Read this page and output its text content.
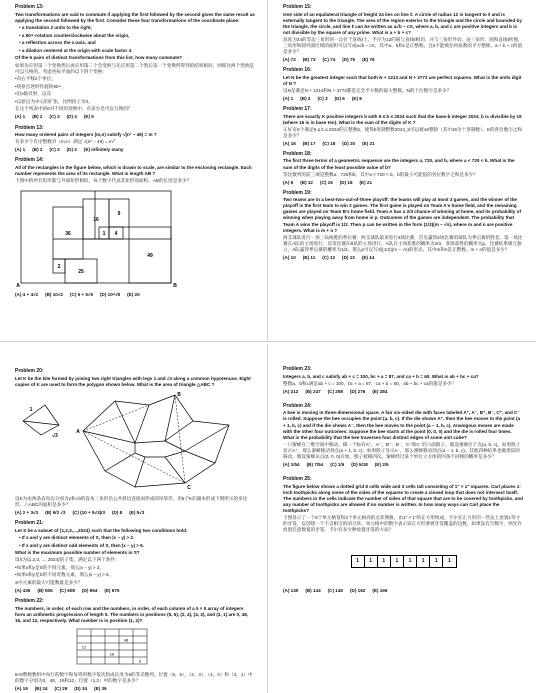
Problem 13:
Two transformations are said to commute if applying the first followed by the second gives the same result as applying the second followed by the first. Consider these four transformations of the coordinate plane:
• a translation 2 units to the right,
• a 90∘-rotation counterclockwise about the origin,
• a reflection across the x-axis, and
• a dilation centered at the origin with scale factor 3.
Of the 6 pairs of distinct transformations from this list, how many commute?
如果先应用第一个变换然后再应用第二个会变换与先应用第二个然后第一个变换所得到的结果相同，则称这两个变换是可以互换的。考虑坐标平面的以下四个变换：
•向右平移2个单位，
•绕原点逆时针旋转90∘，
•沿x轴反射，以及
•以原点为中心的扩张，比例因子为3。
在这个列表中的6对不同的变换中，有多少是可以互换的？
(A) 1 (B) 2 (C) 3 (D) 4 (E) 5
Problem 13:
How many ordered pairs of integers (m,n) satisfy √(n² − 49) = m ?
有多少个有序整数对（m,n）满足 √(n² − 49) = m？
(A) 1 (B) 2 (C) 3 (D) 4 (E) infinitely many
Problem 14:
All of the rectangles in the figure below, which is drawn to scale, are similar to the enclosing rectangle. Each number represents the area of its rectangle. What is length AB ?
下图中的所有矩形都与外部矩形相似，每个数字代表其矩形的面积。AB的长度是多少？
16
9
36	1 4
2
25
49
A	B
(A) 4 + 4√2 (B) 10√2 (C) 5 + 5√5 (D) 10⁴√8 (E) 20
Problem 15:
One side of an equilateral triangle of height 24 lies on line ℓ. A circle of radius 12 is tangent to ℓ and is externally tangent to the triangle. The area of the region exterior to the triangle and the circle and bounded by the triangle, the circle, and line ℓ can be written as a√b − cπ, where a, b, and c are positive integers and b is not divisible by the square of any prime. What is a + b + c?
高度为24的等边三角形的一边位于直线ℓ上。半径为12的圆与直线ℓ相切，并与三角形外切。由三角形、圆和直线ℓ所围，三角形和圆外部区域的面积可以写成a√b − cπ，其中a、b和c是正整数，且b不能被任何质数的平方整除。a + b + c的值是多少？
(A) 72 (B) 73 (C) 74 (D) 75 (E) 76
Problem 16:
Let N be the greatest integer such that both N + 1213 and N + 3773 are perfect squares. What is the units digit of N ?
设N是满足N + 1213和N + 3773都是完全平方数的最大整数。N的个位数字是多少？
(A) 1 (B) 2 (C) 3 (D) 6 (E) 8
Problem 17:
There are exactly K positive integers b with 5 ≤ b ≤ 2024 such that the base-b integer 2024_b is divisible by 16 (where 16 is in base ten). What is the sum of the digits of K ?
正好有K个满足5 ≤ b ≤ 2024的正整数b，使得b进制整数2024_b可以被16整除（其中16为十进制数）。K的各位数字之和是多少？
(A) 16 (B) 17 (C) 18 (D) 20 (E) 21
Problem 18:
The first three terms of a geometric sequence are the integers a, 720, and b, where a < 720 < b. What is the sum of the digits of the least possible value of b?
等比数列的前三项是整数a、720和b，其中a < 720 < b。b的最小可能值的各位数字之和是多少？
(A) 9 (B) 12 (C) 16 (D) 18 (E) 21
Problem 19:
Two teams are in a best-two-out-of-three playoff: the teams will play at most 3 games, and the winner of the playoff is the first team to win 2 games. The first game is played on Team A's home field, and the remaining games are played on Team B's home field. Team A has a 2/3 chance of winning at home, and its probability of winning when playing away from home is p. Outcomes of the games are independent. The probability that Team A wins the playoff is 1/2. Then p can be written in the form (1/2)(m − √n), where m and n are positive integers. What is m + n ?
两支球队进行一场三局两胜的季后赛：两支球队最多进行3场比赛，首先赢得2场比赛的球队为季后赛的胜者。第一场比赛在A队的主场进行，其余比赛在B队的主场进行。A队在主场获胜的概率为2/3，客场获胜的概率为p。比赛结果相互独立。A队赢得季后赛的概率为1/2。那么p可以写成(1/2)(m − √n)的形式，其中m和n是正整数。m + n的值是多少？
(A) 10 (B) 11 (C) 12 (D) 13 (E) 14
Problem 20:
Let K be the kite formed by joining two right triangles with legs 1 and √3 along a common hypotenuse. Eight copies of K are used to form the polygon shown below. What is the area of triangle △ABC ?
1
√3
A
B
C
设K为由两条直角边分别为1和√3的直角三角形沿公共斜边连接而形成的风筝形。用8个K的副本形成下图所示的多边形。△ABC的面积是多少？
(A) 2 + 3√3 (B) 9/2 √3 (C) (10 + 8√3)/3 (D) 8 (E) 5√3
Problem 21:
Let S be a subset of {1,2,3,...,2024} such that the following two conditions hold:
• If x and y are distinct elements of S, then |x − y| > 2.
• If x and y are distinct odd elements of S, then |x − y| > 6.
What is the maximum possible number of elements in S?
设S为{1,2,3, ..., 2024}的子集，满足以下两个条件：
•如果x和y是S的不同元素，那么|x − y| > 2。
•如果x和y是S的不同奇数元素，那么|x − y| > 6。
S中元素的最大可能数量是多少？
(A) 436 (B) 506 (C) 608 (D) 654 (E) 675
Problem 22:
The numbers, in order, of each row and the numbers, in order, of each column of a 5 × 5 array of integers form an arithmetic progression of length 5. The numbers in positions (5, 5), (2, 4), (4, 3), and (3, 1) are 0, 48, 16, and 12, respectively. What number is in position (1, 2)?
0
48
16
12
5×5整数数组中每行的数字和每列的数字依次构成长度为5的等差数列。位置（5，5），（2，4），（4，3）和（3，1）中的数字分别为0，48，16和12。位置（1,2）中的数字是多少？
(A) 19 (B) 24 (C) 29 (D) 34 (E) 39
Problem 23:
Integers a, b, and c satisfy ab + c = 100, bc + a = 87, and ca + b = 60. What is ab + bc + ca?
整数a、b和c满足ab + c = 100，bc + a = 87，ca + b = 60。ab + bc + ca的值是多少？
(A) 212 (B) 247 (C) 258 (D) 276 (E) 284
Problem 24:
A bee is moving in three-dimensional space. A fair six-sided die with faces labeled A⁺, A⁻, B⁺, B⁻, C⁺, and C⁻ is rolled. Suppose the bee occupies the point (a, b, c). If the die shows A⁺, then the bee moves to the point (a + 1, b, c) and if the die shows A⁻, then the bee moves to the point (a − 1, b, c). Analogous moves are made with the other four outcomes. Suppose the bee starts at the point (0, 0, 0) and the die is rolled four times. What is the probability that the bee traverses four distinct edges of some unit cube?
一只蜜蜂在三维空间中移动。掷一个标有A⁺、A⁻、B⁺、B⁻、C⁺和C⁻的六面骰子。假设蜜蜂位于点(a, b, c)。如果骰子显示A⁺，那么蜜蜂移动到点(a + 1, b, c)；如果骰子显示A⁻，那么蜜蜂移动到点(a − 1, b, c)。其他四种结果也做类似的移动。假设蜜蜂从点(0, 0, 0)开始，骰子被掷四次。蜜蜂经过某个单位立方体的四条不同棱的概率是多少？
(A) 1/54 (B) 7/54 (C) 1/6 (D) 5/18 (E) 2/5
Problem 25:
The figure below shows a dotted grid 8 cells wide and 3 cells tall consisting of 1″ × 1″ squares. Carl places 1-inch toothpicks along some of the sides of the squares to create a closed loop that does not intersect itself. The numbers in the cells indicate the number of sides of that square that are to be covered by toothpicks, and any number of toothpicks are allowed if no number is written. In how many ways can Carl place the toothpicks?
下图显示了一个8个单元格宽和3个单元格高的点状网格，由1″ × 1″的正方形组成。卡尔在正方形的一些边上放置1英寸的牙签，以创建一个不自相交的闭合环。单元格中的数字表示该正方形要被牙签覆盖的边数，如果没有写数字，则允许放置任意数量的牙签。卡尔有多少种放置牙签的方法？
1	1	1	1	1	1	1	1
(A) 130 (B) 144 (C) 146 (D) 162 (E) 196
